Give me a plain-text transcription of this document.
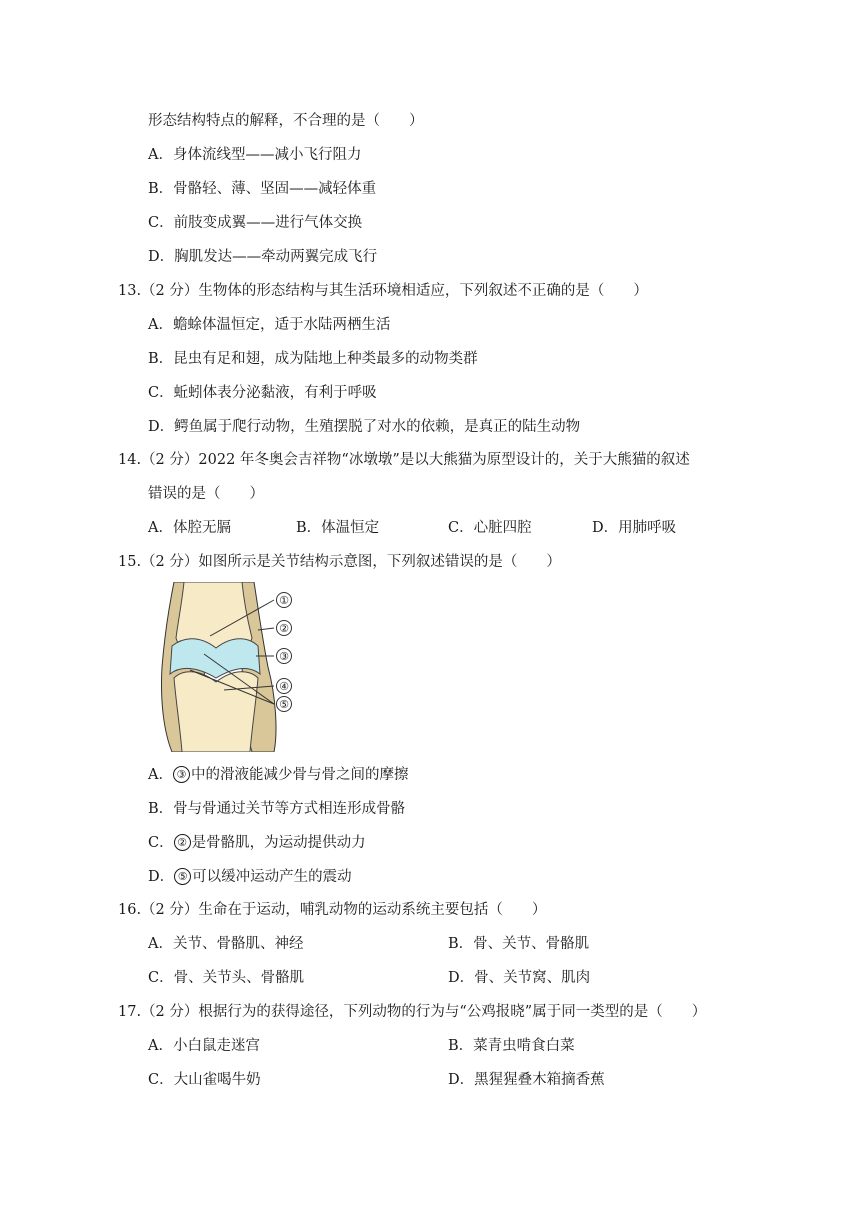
形态结构特点的解释，不合理的是（　　）
A．身体流线型——减小飞行阻力
B．骨骼轻、薄、坚固——减轻体重
C．前肢变成翼——进行气体交换
D．胸肌发达——牵动两翼完成飞行
13.（2 分）生物体的形态结构与其生活环境相适应，下列叙述不正确的是（　　）
A．蟾蜍体温恒定，适于水陆两栖生活
B．昆虫有足和翅，成为陆地上种类最多的动物类群
C．蚯蚓体表分泌黏液，有利于呼吸
D．鳄鱼属于爬行动物，生殖摆脱了对水的依赖，是真正的陆生动物
14.（2 分）2022 年冬奥会吉祥物“冰墩墩”是以大熊猫为原型设计的，关于大熊猫的叙述
错误的是（　　）
A．体腔无膈	B．体温恒定	C．心脏四腔	D．用肺呼吸
15.（2 分）如图所示是关节结构示意图，下列叙述错误的是（　　）
①
②
③
④
⑤
A． ③ 中的滑液能减少骨与骨之间的摩擦
B．骨与骨通过关节等方式相连形成骨骼
C． ② 是骨骼肌，为运动提供动力
D． ⑤ 可以缓冲运动产生的震动
16.（2 分）生命在于运动，哺乳动物的运动系统主要包括（　　）
A．关节、骨骼肌、神经	B．骨、关节、骨骼肌
C．骨、关节头、骨骼肌	D．骨、关节窝、肌肉
17.（2 分）根据行为的获得途径，下列动物的行为与“公鸡报晓”属于同一类型的是（　　）
A．小白鼠走迷宫	B．菜青虫啃食白菜
C．大山雀喝牛奶	D．黑猩猩叠木箱摘香蕉
